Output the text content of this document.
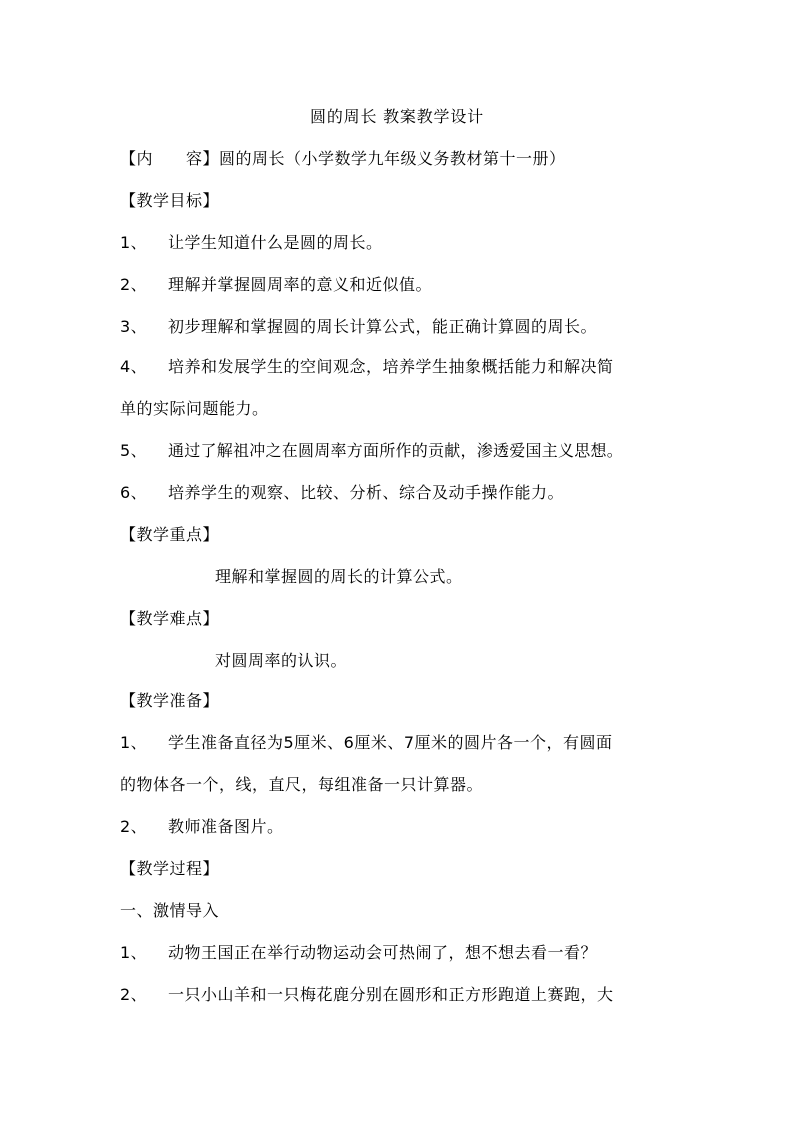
圆的周长 教案教学设计
【内　　容】圆的周长（小学数学九年级义务教材第十一册）
【教学目标】
1、 让学生知道什么是圆的周长。
2、 理解并掌握圆周率的意义和近似值。
3、 初步理解和掌握圆的周长计算公式，能正确计算圆的周长。
4、 培养和发展学生的空间观念，培养学生抽象概括能力和解决简
单的实际问题能力。
5、 通过了解祖冲之在圆周率方面所作的贡献，渗透爱国主义思想。
6、 培养学生的观察、比较、分析、综合及动手操作能力。
【教学重点】
理解和掌握圆的周长的计算公式。
【教学难点】
对圆周率的认识。
【教学准备】
1、 学生准备直径为5厘米、6厘米、7厘米的圆片各一个，有圆面
的物体各一个，线，直尺，每组准备一只计算器。
2、 教师准备图片。
【教学过程】
一、激情导入
1、 动物王国正在举行动物运动会可热闹了，想不想去看一看？
2、 一只小山羊和一只梅花鹿分别在圆形和正方形跑道上赛跑，大
